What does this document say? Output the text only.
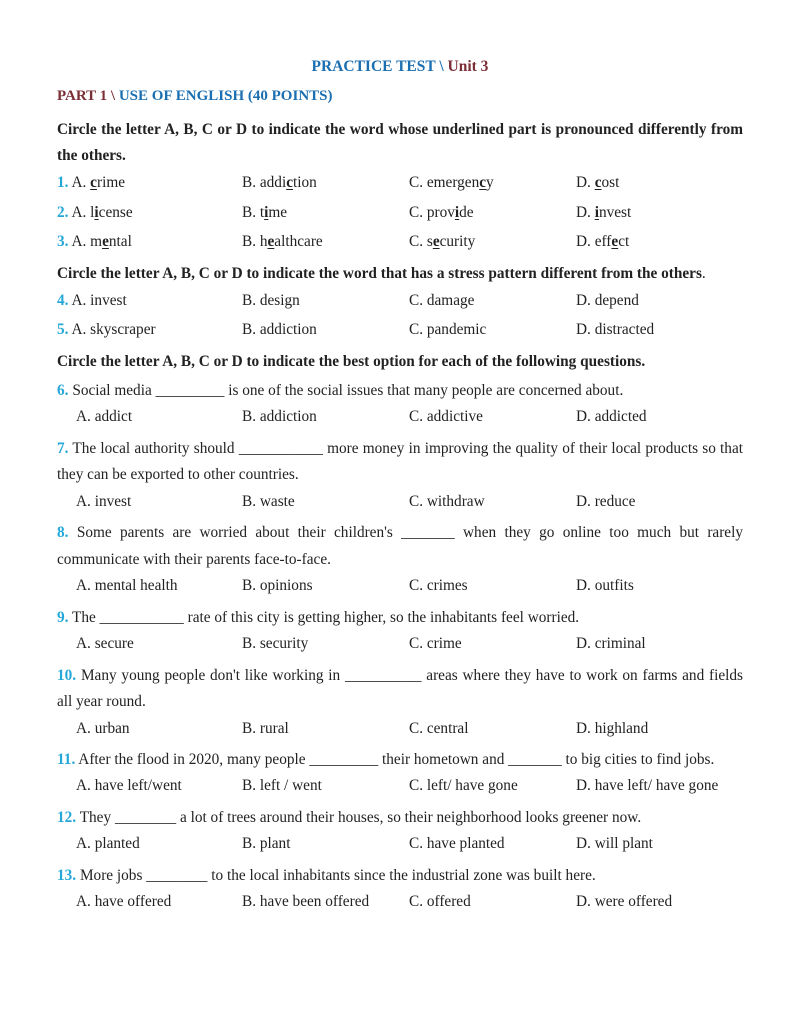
PRACTICE TEST \ Unit 3
PART 1 \ USE OF ENGLISH (40 POINTS)
Circle the letter A, B, C or D to indicate the word whose underlined part is pronounced differently from the others.
1. A. crime	B. addiction	C. emergency	D. cost
2. A. license	B. time	C. provide	D. invest
3. A. mental	B. healthcare	C. security	D. effect
Circle the letter A, B, C or D to indicate the word that has a stress pattern different from the others.
4. A. invest	B. design	C. damage	D. depend
5. A. skyscraper	B. addiction	C. pandemic	D. distracted
Circle the letter A, B, C or D to indicate the best option for each of the following questions.
6. Social media _________ is one of the social issues that many people are concerned about.
A. addict	B. addiction	C. addictive	D. addicted
7. The local authority should ___________ more money in improving the quality of their local products so that they can be exported to other countries.
A. invest	B. waste	C. withdraw	D. reduce
8. Some parents are worried about their children's _______ when they go online too much but rarely communicate with their parents face-to-face.
A. mental health	B. opinions	C. crimes	D. outfits
9. The ___________ rate of this city is getting higher, so the inhabitants feel worried.
A. secure	B. security	C. crime	D. criminal
10. Many young people don't like working in __________ areas where they have to work on farms and fields all year round.
A. urban	B. rural	C. central	D. highland
11. After the flood in 2020, many people _________ their hometown and _______ to big cities to find jobs.
A. have left/went	B. left / went	C. left/ have gone	D. have left/ have gone
12. They ________ a lot of trees around their houses, so their neighborhood looks greener now.
A. planted	B. plant	C. have planted	D. will plant
13. More jobs ________ to the local inhabitants since the industrial zone was built here.
A. have offered	B. have been offered	C. offered	D. were offered
